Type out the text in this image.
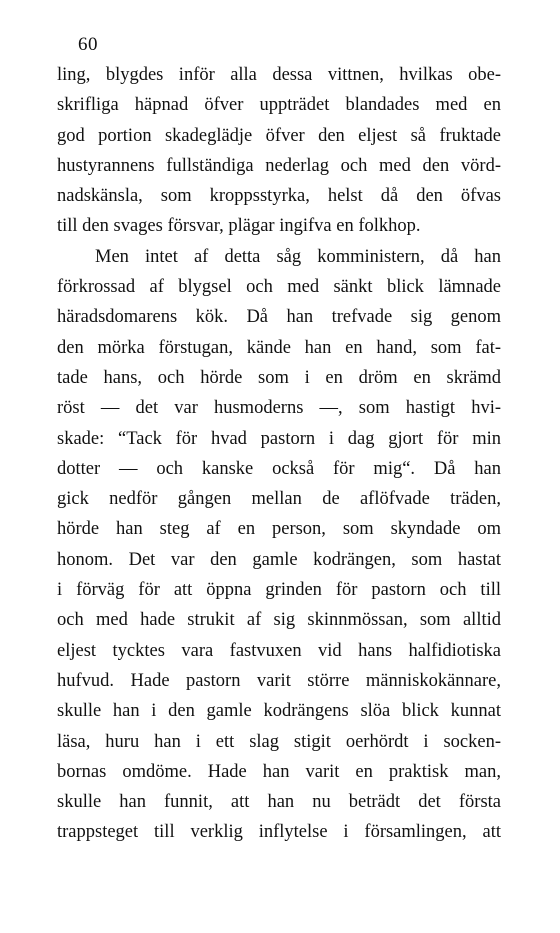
60
ling, blygdes inför alla dessa vittnen, hvilkas obe-
skrifliga häpnad öfver uppträdet blandades med en
god portion skadeglädje öfver den eljest så fruktade
hustyrannens fullständiga nederlag och med den vörd-
nadskänsla, som kroppsstyrka, helst då den öfvas
till den svages försvar, plägar ingifva en folkhop.
Men intet af detta såg komministern, då han
förkrossad af blygsel och med sänkt blick lämnade
häradsdomarens kök. Då han trefvade sig genom
den mörka förstugan, kände han en hand, som fat-
tade hans, och hörde som i en dröm en skrämd
röst — det var husmoderns —, som hastigt hvi-
skade: “Tack för hvad pastorn i dag gjort för min
dotter — och kanske också för mig“. Då han
gick nedför gången mellan de aflöfvade träden,
hörde han steg af en person, som skyndade om
honom. Det var den gamle kodrängen, som hastat
i förväg för att öppna grinden för pastorn och till
och med hade strukit af sig skinnmössan, som alltid
eljest tycktes vara fastvuxen vid hans halfidiotiska
hufvud. Hade pastorn varit större människokännare,
skulle han i den gamle kodrängens slöa blick kunnat
läsa, huru han i ett slag stigit oerhördt i socken-
bornas omdöme. Hade han varit en praktisk man,
skulle han funnit, att han nu beträdt det första
trappsteget till verklig inflytelse i församlingen, att
